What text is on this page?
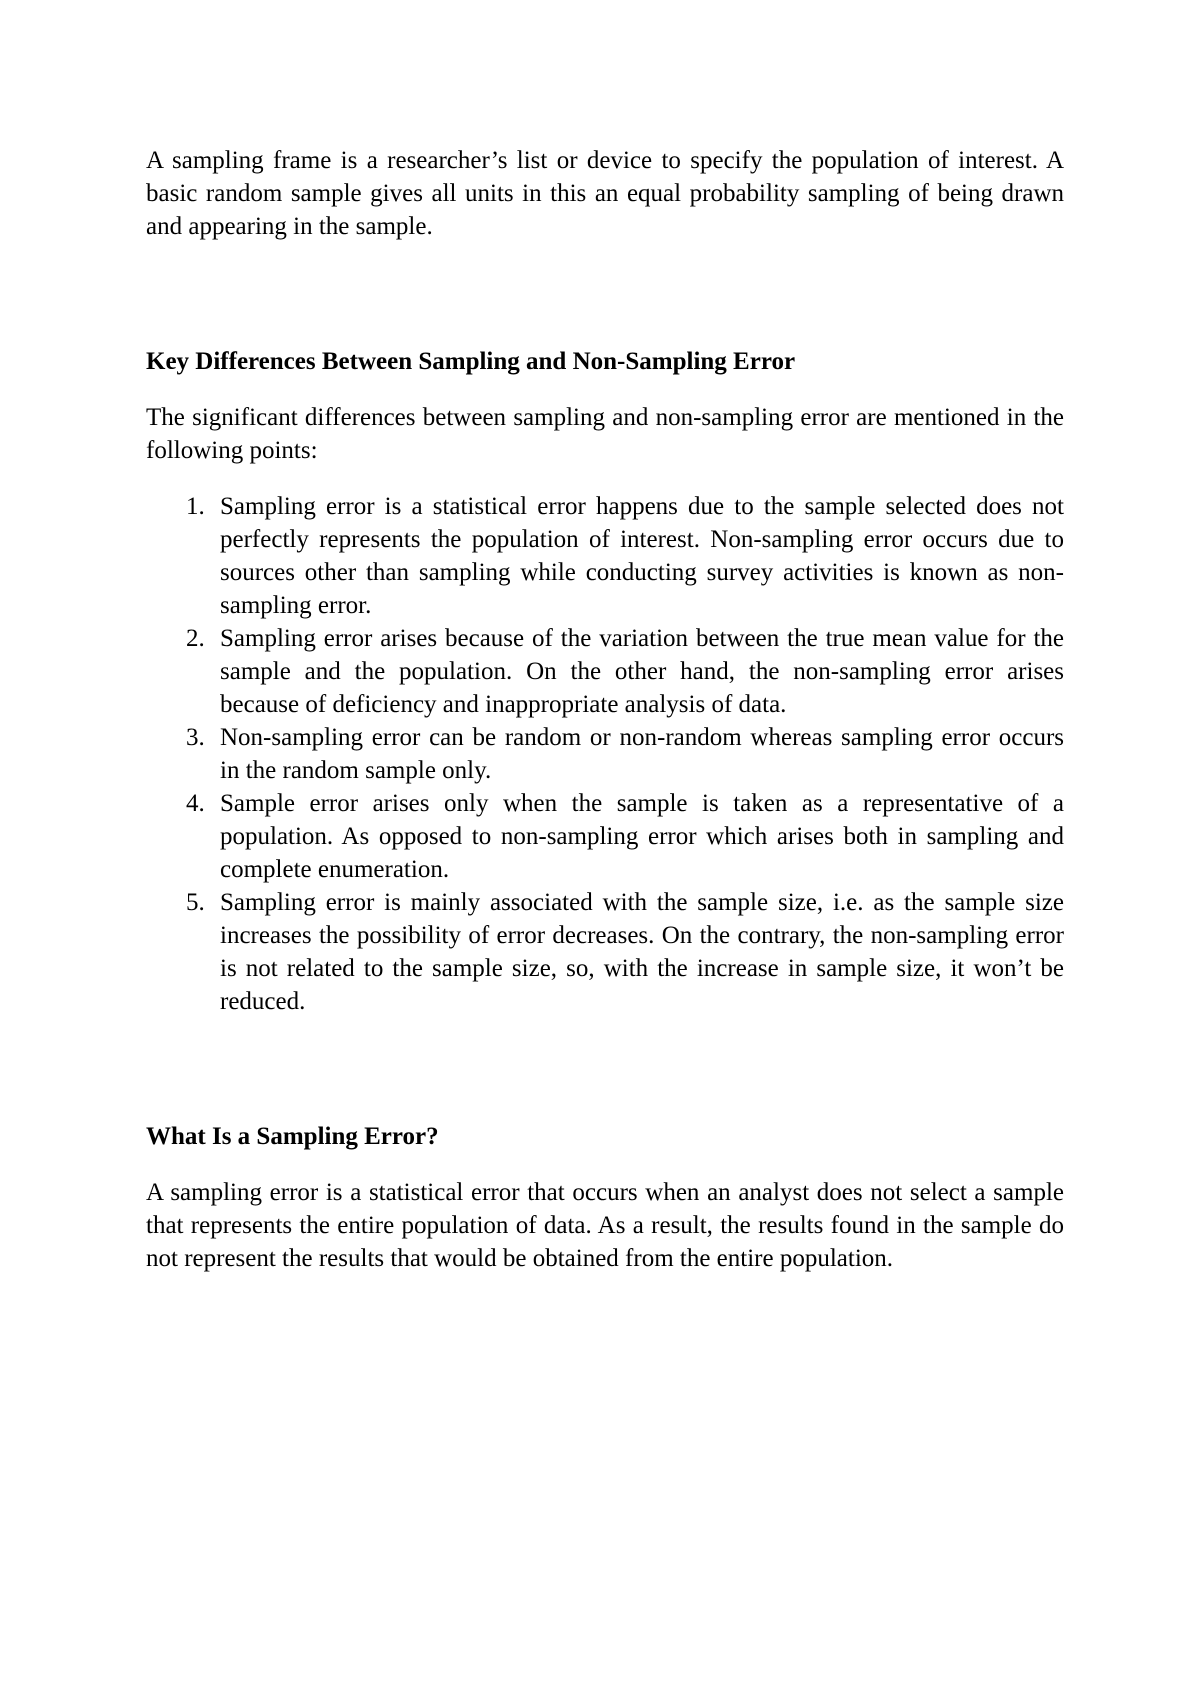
A sampling frame is a researcher’s list or device to specify the population of interest. A basic random sample gives all units in this an equal probability sampling of being drawn and appearing in the sample.

Key Differences Between Sampling and Non-Sampling Error

The significant differences between sampling and non-sampling error are mentioned in the following points:

1. Sampling error is a statistical error happens due to the sample selected does not perfectly represents the population of interest. Non-sampling error occurs due to sources other than sampling while conducting survey activities is known as non-sampling error.
2. Sampling error arises because of the variation between the true mean value for the sample and the population. On the other hand, the non-sampling error arises because of deficiency and inappropriate analysis of data.
3. Non-sampling error can be random or non-random whereas sampling error occurs in the random sample only.
4. Sample error arises only when the sample is taken as a representative of a population. As opposed to non-sampling error which arises both in sampling and complete enumeration.
5. Sampling error is mainly associated with the sample size, i.e. as the sample size increases the possibility of error decreases. On the contrary, the non-sampling error is not related to the sample size, so, with the increase in sample size, it won’t be reduced.
What Is a Sampling Error?

A sampling error is a statistical error that occurs when an analyst does not select a sample that represents the entire population of data. As a result, the results found in the sample do not represent the results that would be obtained from the entire population.
